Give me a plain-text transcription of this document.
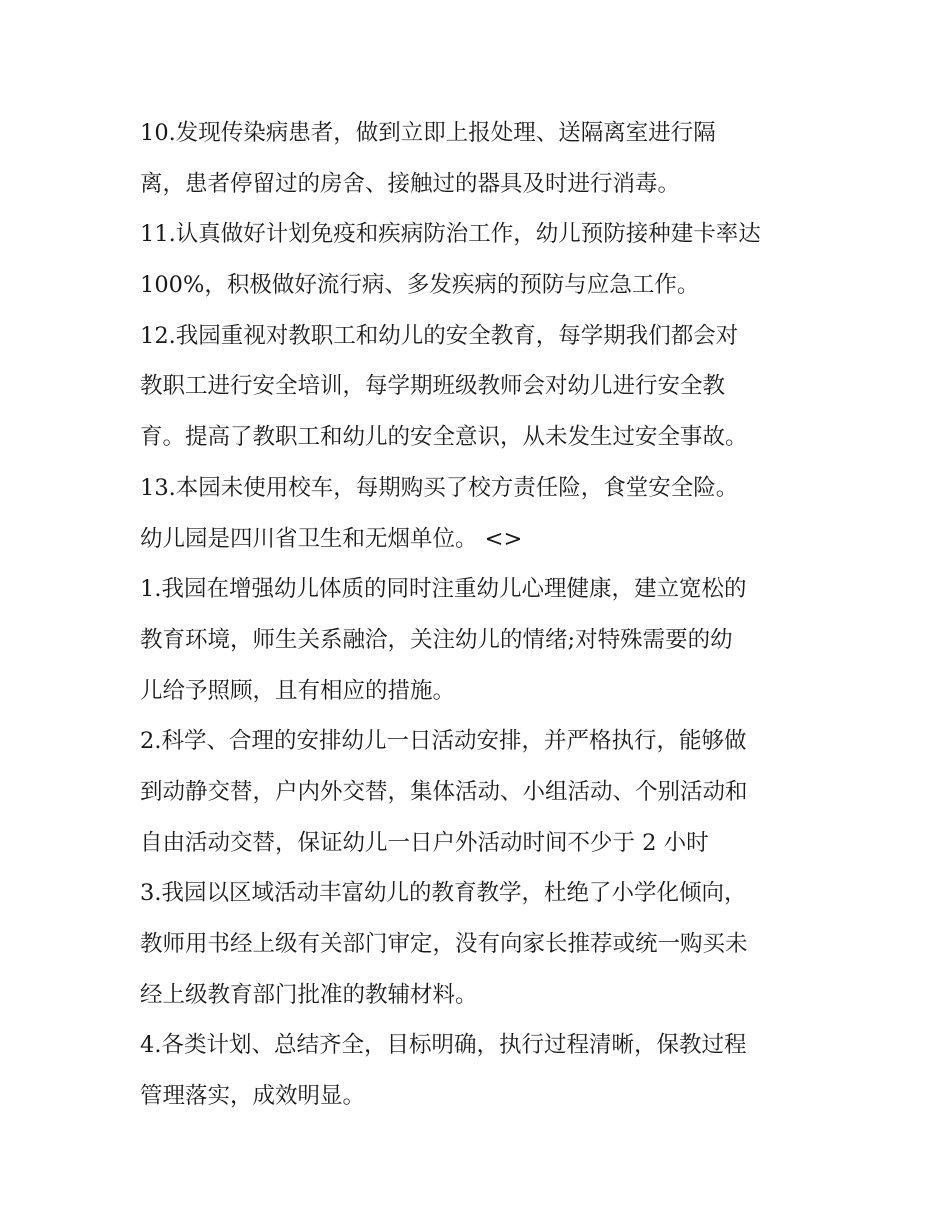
10.发现传染病患者，做到立即上报处理、送隔离室进行隔
离，患者停留过的房舍、接触过的器具及时进行消毒。
11.认真做好计划免疫和疾病防治工作，幼儿预防接种建卡率达
100%，积极做好流行病、多发疾病的预防与应急工作。
12.我园重视对教职工和幼儿的安全教育，每学期我们都会对
教职工进行安全培训，每学期班级教师会对幼儿进行安全教
育。提高了教职工和幼儿的安全意识，从未发生过安全事故。
13.本园未使用校车，每期购买了校方责任险，食堂安全险。
幼儿园是四川省卫生和无烟单位。 <>
1.我园在增强幼儿体质的同时注重幼儿心理健康，建立宽松的
教育环境，师生关系融洽，关注幼儿的情绪;对特殊需要的幼
儿给予照顾，且有相应的措施。
2.科学、合理的安排幼儿一日活动安排，并严格执行，能够做
到动静交替，户内外交替，集体活动、小组活动、个别活动和
自由活动交替，保证幼儿一日户外活动时间不少于 2 小时
3.我园以区域活动丰富幼儿的教育教学，杜绝了小学化倾向，
教师用书经上级有关部门审定，没有向家长推荐或统一购买未
经上级教育部门批准的教辅材料。
4.各类计划、总结齐全，目标明确，执行过程清晰，保教过程
管理落实，成效明显。
